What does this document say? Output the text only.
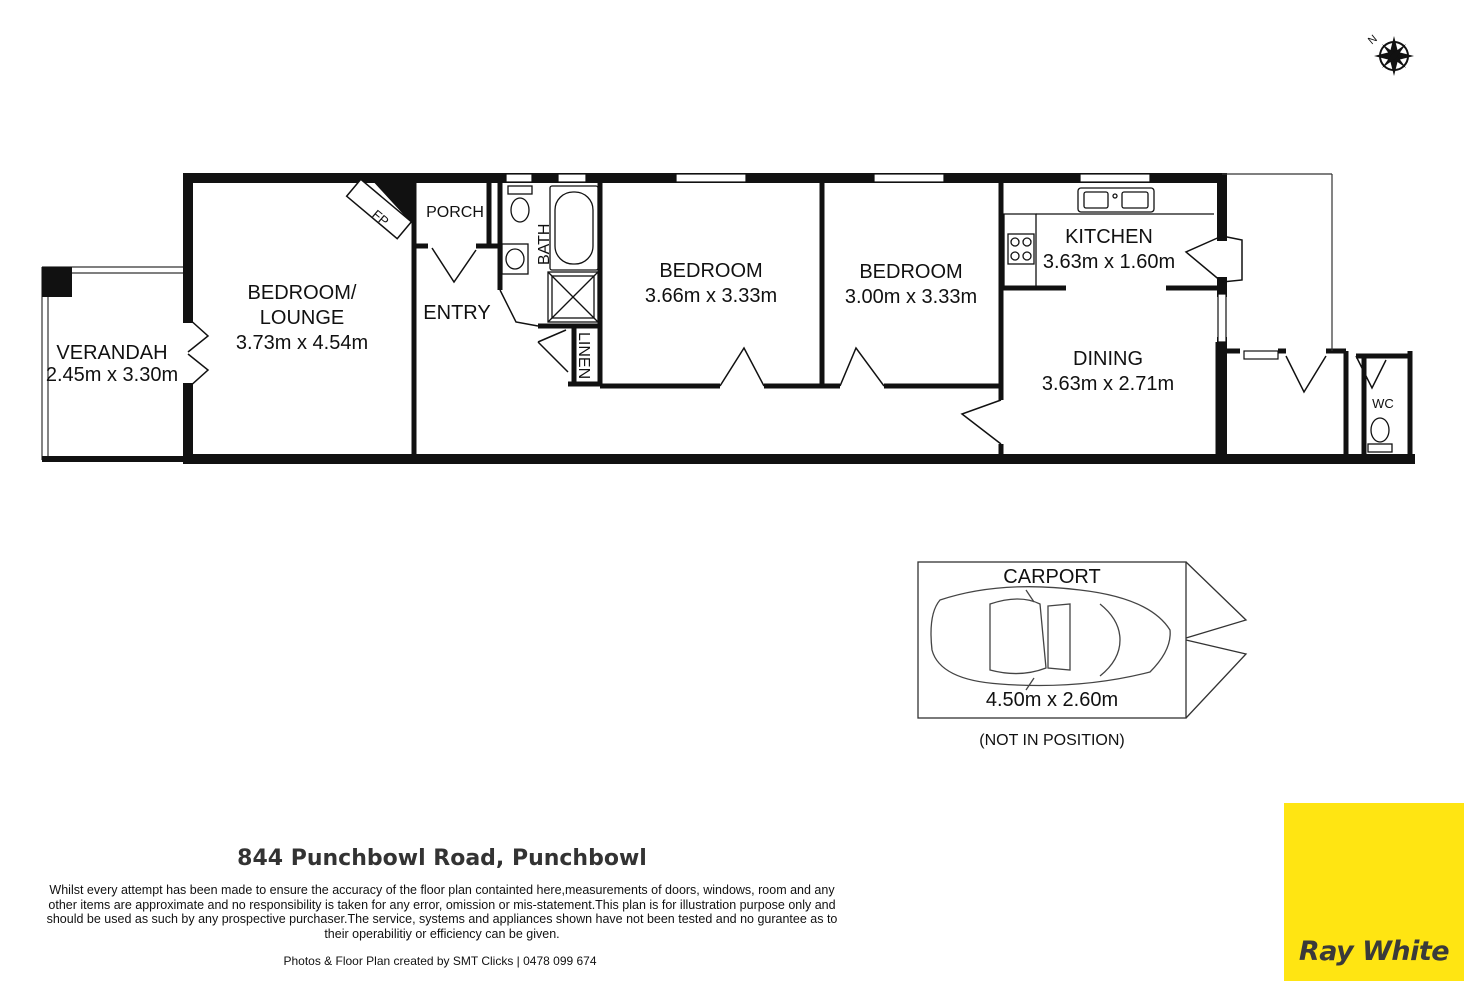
N
FP
VERANDAH
2.45m x 3.30m
BEDROOM/
LOUNGE
3.73m x 4.54m
PORCH
ENTRY
BATH
LINEN
BEDROOM
3.66m x 3.33m
BEDROOM
3.00m x 3.33m
KITCHEN
3.63m x 1.60m
DINING
3.63m x 2.71m
WC
CARPORT
4.50m x 2.60m
(NOT IN POSITION)
844 Punchbowl Road, Punchbowl
Whilst every attempt has been made to ensure the accuracy of the floor plan containted here,measurements of doors, windows, room and any other items are approximate and no responsibility is taken for any error, omission or mis-statement.This plan is for illustration purpose only and should be used as such by any prospective purchaser.The service, systems and appliances shown have not been tested and no gurantee as to their operabilitiy or efficiency can be given.
Photos & Floor Plan created by SMT Clicks | 0478 099 674	Ray White
